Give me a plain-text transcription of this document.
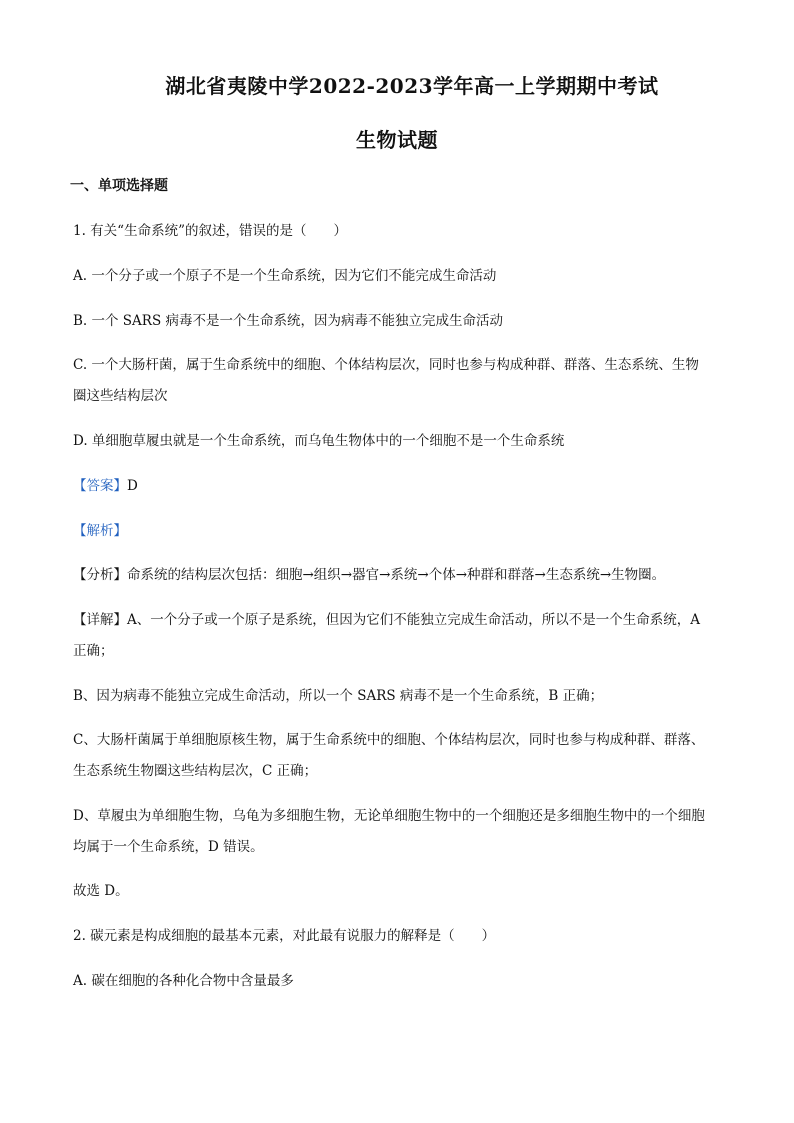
湖北省夷陵中学2022-2023学年高一上学期期中考试
生物试题
一、单项选择题
1. 有关“生命系统”的叙述，错误的是（　　）
A. 一个分子或一个原子不是一个生命系统，因为它们不能完成生命活动
B. 一个 SARS 病毒不是一个生命系统，因为病毒不能独立完成生命活动
C. 一个大肠杆菌，属于生命系统中的细胞、个体结构层次，同时也参与构成种群、群落、生态系统、生物
圈这些结构层次
D. 单细胞草履虫就是一个生命系统，而乌龟生物体中的一个细胞不是一个生命系统
【答案】D
【解析】
【分析】命系统的结构层次包括：细胞→组织→器官→系统→个体→种群和群落→生态系统→生物圈。
【详解】A、一个分子或一个原子是系统，但因为它们不能独立完成生命活动，所以不是一个生命系统，A
正确；
B、因为病毒不能独立完成生命活动，所以一个 SARS 病毒不是一个生命系统，B 正确；
C、大肠杆菌属于单细胞原核生物，属于生命系统中的细胞、个体结构层次，同时也参与构成种群、群落、
生态系统生物圈这些结构层次，C 正确；
D、草履虫为单细胞生物，乌龟为多细胞生物，无论单细胞生物中的一个细胞还是多细胞生物中的一个细胞
均属于一个生命系统，D 错误。
故选 D。
2. 碳元素是构成细胞的最基本元素，对此最有说服力的解释是（　　）
A. 碳在细胞的各种化合物中含量最多
